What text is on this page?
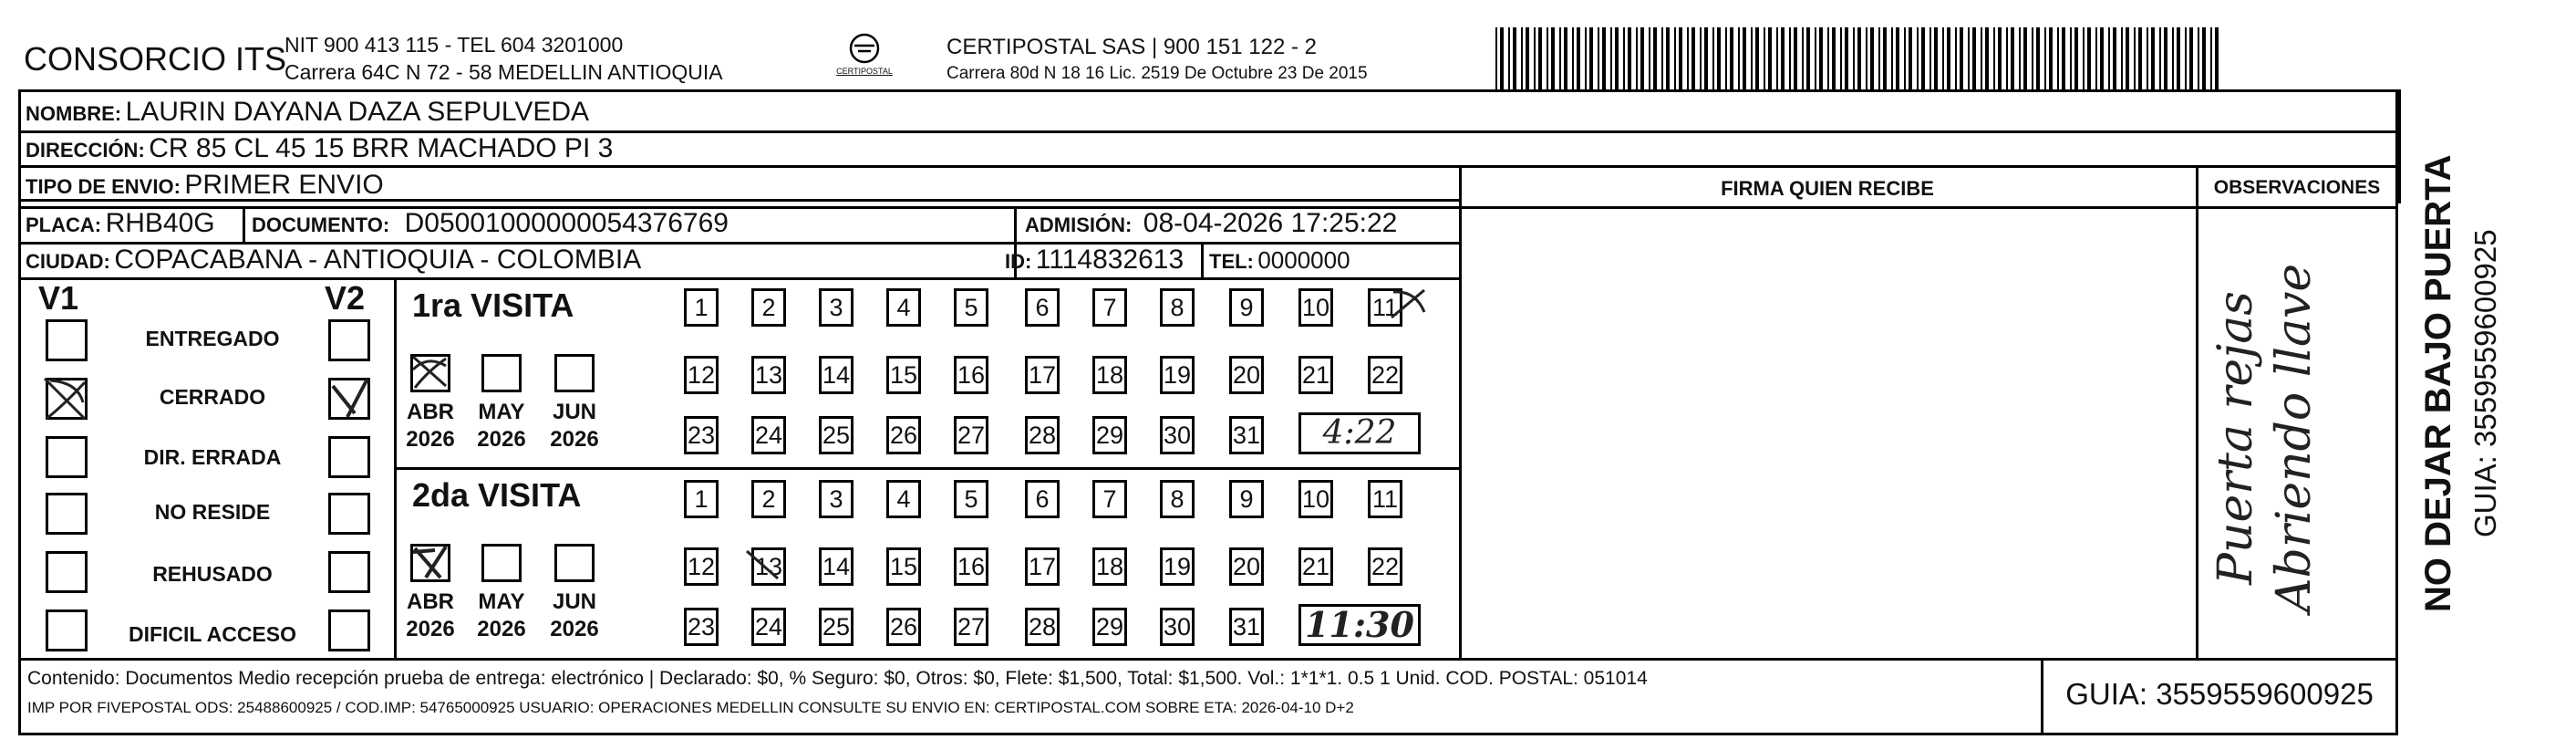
CONSORCIO ITS
NIT 900 413 115 - TEL 604 3201000
Carrera 64C N 72 - 58 MEDELLIN ANTIOQUIA	CERTIPOSTAL
CERTIPOSTAL SAS | 900 151 122 - 2
Carrera 80d N 18 16 Lic. 2519 De Octubre 23 De 2015
NOMBRE: LAURIN DAYANA DAZA SEPULVEDA
DIRECCIÓN: CR 85 CL 45 15 BRR MACHADO PI 3
TIPO DE ENVIO: PRIMER ENVIO
PLACA: RHB40G DOCUMENTO: D05001000000054376769	ADMISIÓN: 08-04-2026 17:25:22
CIUDAD: COPACABANA - ANTIOQUIA - COLOMBIA	ID: 1114832613 TEL: 0000000
FIRMA QUIEN RECIBE	OBSERVACIONES
V1	V2
ENTREGADO
CERRADO
DIR. ERRADA
NO RESIDE
REHUSADO
DIFICIL ACCESO
1ra VISITA
ABR MAY	JUN
2026 2026 2026
2da VISITA
ABR MAY	JUN
2026 2026 2026
1	2	3	4	5	6	7	8	9	10 11
12 13 14 15 16 17 18 19 20 21 22
23 24 25 26 27 28 29 30 31
1	2	3	4	5	6	7	8	9	10 11
12 13 14 15 16 17 18 19 20 21 22
23 24 25 26 27 28 29 30 31
4:22
11:30
Puerta rejas Abriendo llave	NO DEJAR BAJO PUERTA GUIA: 3559559600925
Contenido: Documentos Medio recepción prueba de entrega: electrónico | Declarado: $0, % Seguro: $0, Otros: $0, Flete: $1,500, Total: $1,500. Vol.: 1*1*1. 0.5 1 Unid. COD. POSTAL: 051014
IMP POR FIVEPOSTAL ODS: 25488600925 / COD.IMP: 54765000925 USUARIO: OPERACIONES MEDELLIN CONSULTE SU ENVIO EN: CERTIPOSTAL.COM SOBRE ETA: 2026-04-10 D+2	GUIA: 3559559600925
